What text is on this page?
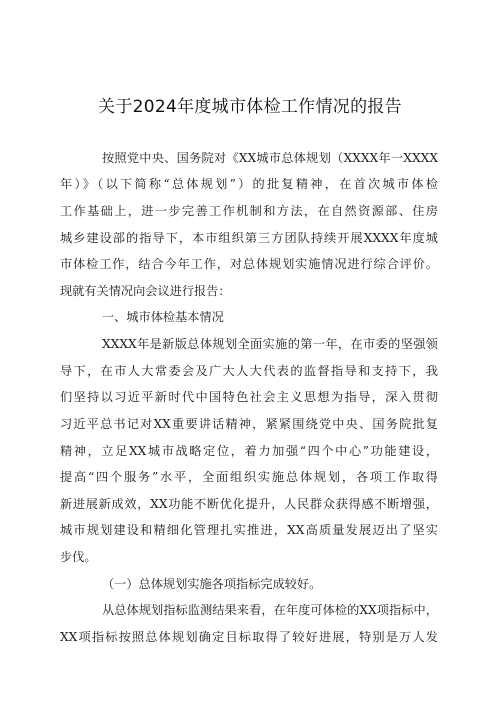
关于2024年度城市体检工作情况的报告
按照党中央、国务院对《XX城市总体规划（XXXX年一XXXX
年）》（以下简称“总体规划”）的批复精神，在首次城市体检
工作基础上，进一步完善工作机制和方法，在自然资源部、住房
城乡建设部的指导下，本市组织第三方团队持续开展XXXX年度城
市体检工作，结合今年工作，对总体规划实施情况进行综合评价。
现就有关情况向会议进行报告：
一、城市体检基本情况
XXXX年是新版总体规划全面实施的第一年，在市委的坚强领
导下，在市人大常委会及广大人大代表的监督指导和支持下，我
们坚持以习近平新时代中国特色社会主义思想为指导，深入贯彻
习近平总书记对XX重要讲话精神，紧紧围绕党中央、国务院批复
精神，立足XX城市战略定位，着力加强“四个中心”功能建设，
提高“四个服务”水平，全面组织实施总体规划，各项工作取得
新进展新成效，XX功能不断优化提升，人民群众获得感不断增强，
城市规划建设和精细化管理扎实推进，XX高质量发展迈出了坚实
步伐。
（一）总体规划实施各项指标完成较好。
从总体规划指标监测结果来看，在年度可体检的XX项指标中，
XX项指标按照总体规划确定目标取得了较好进展，特别是万人发
